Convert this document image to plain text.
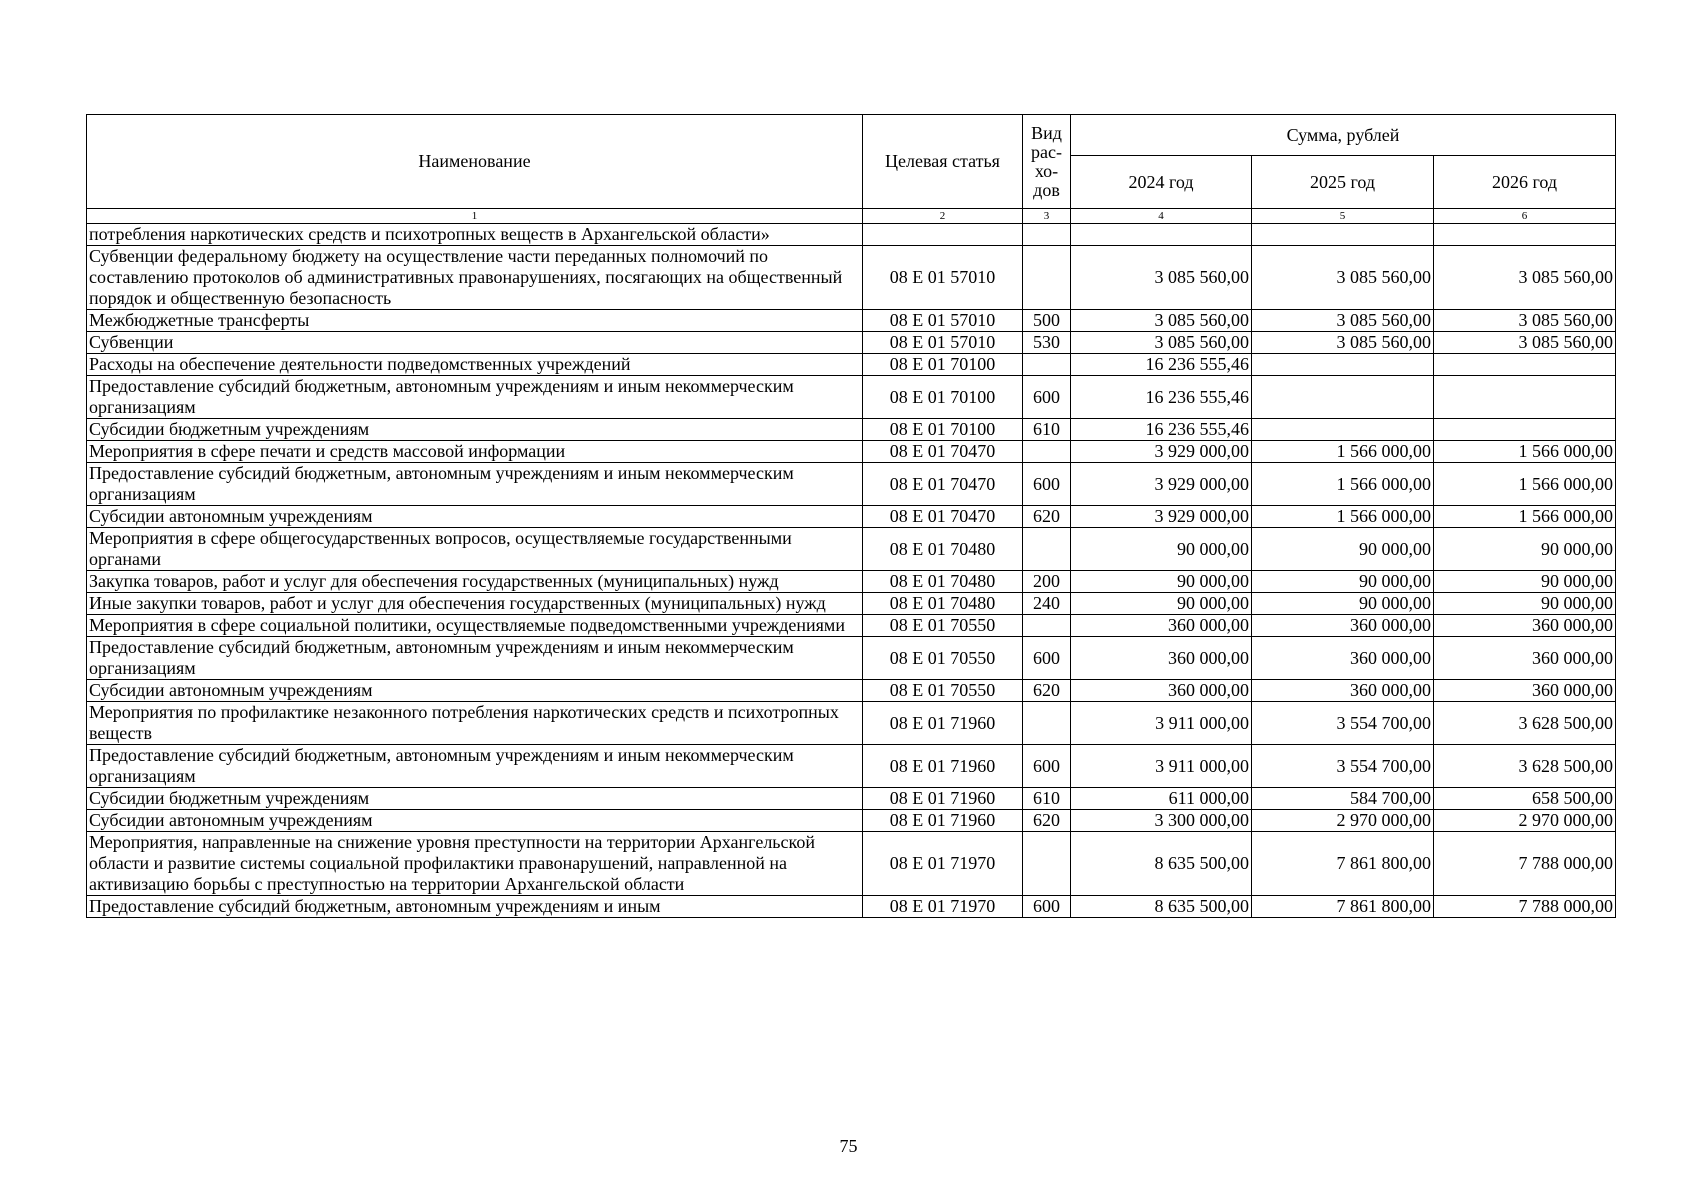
Наименование	Целевая статья	Вид рас- хо- дов	Сумма, рублей		
			2024 год	2025 год	2026 год
1	2	3	4	5	6
потребления наркотических средств и психотропных веществ в Архангельской области»					
Субвенции федеральному бюджету на осуществление части переданных полномочий по составлению протоколов об административных правонарушениях, посягающих на общественный порядок и общественную безопасность	08 Е 01 57010		3 085 560,00	3 085 560,00	3 085 560,00
Межбюджетные трансферты	08 Е 01 57010	500	3 085 560,00	3 085 560,00	3 085 560,00
Субвенции	08 Е 01 57010	530	3 085 560,00	3 085 560,00	3 085 560,00
Расходы на обеспечение деятельности подведомственных учреждений	08 Е 01 70100		16 236 555,46		
Предоставление субсидий бюджетным, автономным учреждениям и иным некоммерческим организациям	08 Е 01 70100	600	16 236 555,46		
Субсидии бюджетным учреждениям	08 Е 01 70100	610	16 236 555,46		
Мероприятия в сфере печати и средств массовой информации	08 Е 01 70470		3 929 000,00	1 566 000,00	1 566 000,00
Предоставление субсидий бюджетным, автономным учреждениям и иным некоммерческим организациям	08 Е 01 70470	600	3 929 000,00	1 566 000,00	1 566 000,00
Субсидии автономным учреждениям	08 Е 01 70470	620	3 929 000,00	1 566 000,00	1 566 000,00
Мероприятия в сфере общегосударственных вопросов, осуществляемые государственными органами	08 Е 01 70480		90 000,00	90 000,00	90 000,00
Закупка товаров, работ и услуг для обеспечения государственных (муниципальных) нужд	08 Е 01 70480	200	90 000,00	90 000,00	90 000,00
Иные закупки товаров, работ и услуг для обеспечения государственных (муниципальных) нужд	08 Е 01 70480	240	90 000,00	90 000,00	90 000,00
Мероприятия в сфере социальной политики, осуществляемые подведомственными учреждениями	08 Е 01 70550		360 000,00	360 000,00	360 000,00
Предоставление субсидий бюджетным, автономным учреждениям и иным некоммерческим организациям	08 Е 01 70550	600	360 000,00	360 000,00	360 000,00
Субсидии автономным учреждениям	08 Е 01 70550	620	360 000,00	360 000,00	360 000,00
Мероприятия по профилактике незаконного потребления наркотических средств и психотропных веществ	08 Е 01 71960		3 911 000,00	3 554 700,00	3 628 500,00
Предоставление субсидий бюджетным, автономным учреждениям и иным некоммерческим организациям	08 Е 01 71960	600	3 911 000,00	3 554 700,00	3 628 500,00
Субсидии бюджетным учреждениям	08 Е 01 71960	610	611 000,00	584 700,00	658 500,00
Субсидии автономным учреждениям	08 Е 01 71960	620	3 300 000,00	2 970 000,00	2 970 000,00
Мероприятия, направленные на снижение уровня преступности на территории Архангельской области и развитие системы социальной профилактики правонарушений, направленной на активизацию борьбы с преступностью на территории Архангельской области	08 Е 01 71970		8 635 500,00	7 861 800,00	7 788 000,00
Предоставление субсидий бюджетным, автономным учреждениям и иным	08 Е 01 71970	600	8 635 500,00	7 861 800,00	7 788 000,00
75
